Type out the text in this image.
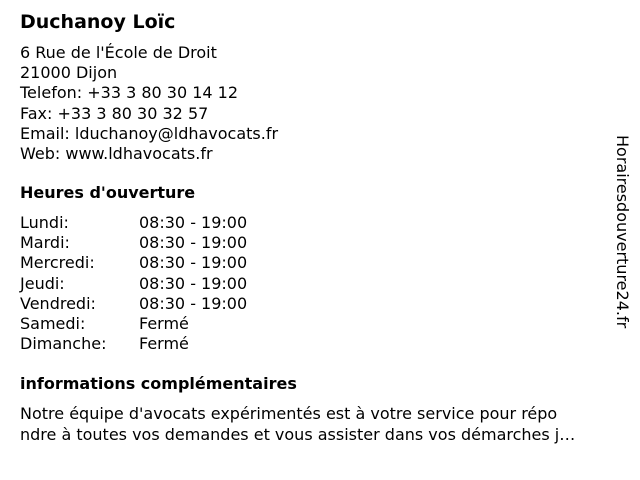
Duchanoy Loïc
6 Rue de l'École de Droit
21000 Dijon
Telefon: +33 3 80 30 14 12
Fax: +33 3 80 30 32 57
Email: lduchanoy@ldhavocats.fr
Web: www.ldhavocats.fr
Heures d'ouverture
Lundi:	08:30 - 19:00
Mardi:	08:30 - 19:00
Mercredi:	08:30 - 19:00
Jeudi:	08:30 - 19:00
Vendredi:	08:30 - 19:00
Samedi:	Fermé
Dimanche: Fermé
informations complémentaires
Notre équipe d'avocats expérimentés est à votre service pour répo
ndre à toutes vos demandes et vous assister dans vos démarches j…
Horairesdouverture24.fr
